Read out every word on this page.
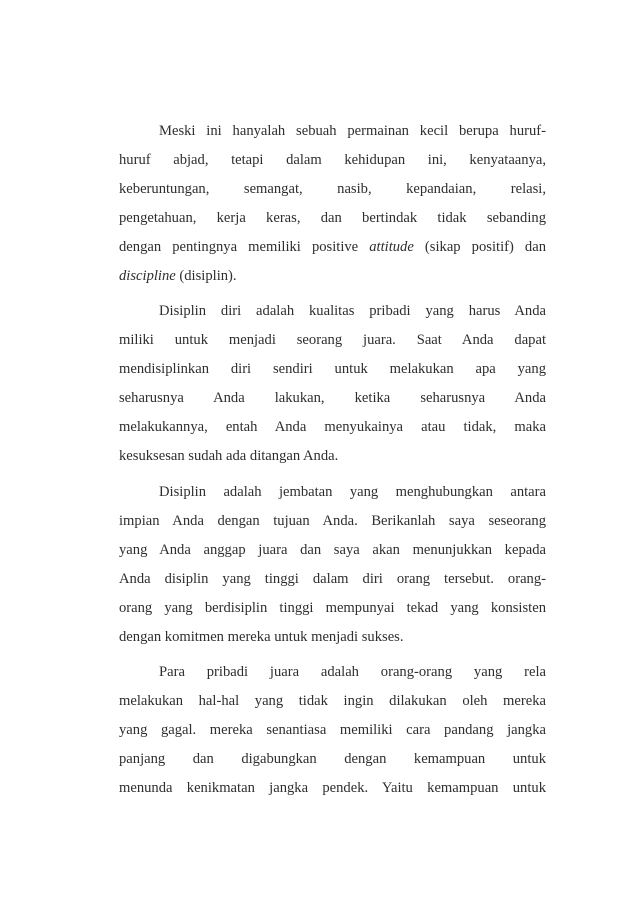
Meski ini hanyalah sebuah permainan kecil berupa huruf-
huruf abjad, tetapi dalam kehidupan ini, kenyataanya,
keberuntungan, semangat, nasib, kepandaian, relasi,
pengetahuan, kerja keras, dan bertindak tidak sebanding
dengan pentingnya memiliki positive attitude (sikap positif) dan
discipline (disiplin).
Disiplin diri adalah kualitas pribadi yang harus Anda
miliki untuk menjadi seorang juara. Saat Anda dapat
mendisiplinkan diri sendiri untuk melakukan apa yang
seharusnya Anda lakukan, ketika seharusnya Anda
melakukannya, entah Anda menyukainya atau tidak, maka
kesuksesan sudah ada ditangan Anda.
Disiplin adalah jembatan yang menghubungkan antara
impian Anda dengan tujuan Anda. Berikanlah saya seseorang
yang Anda anggap juara dan saya akan menunjukkan kepada
Anda disiplin yang tinggi dalam diri orang tersebut. orang-
orang yang berdisiplin tinggi mempunyai tekad yang konsisten
dengan komitmen mereka untuk menjadi sukses.
Para pribadi juara adalah orang-orang yang rela
melakukan hal-hal yang tidak ingin dilakukan oleh mereka
yang gagal. mereka senantiasa memiliki cara pandang jangka
panjang dan digabungkan dengan kemampuan untuk
menunda kenikmatan jangka pendek. Yaitu kemampuan untuk
